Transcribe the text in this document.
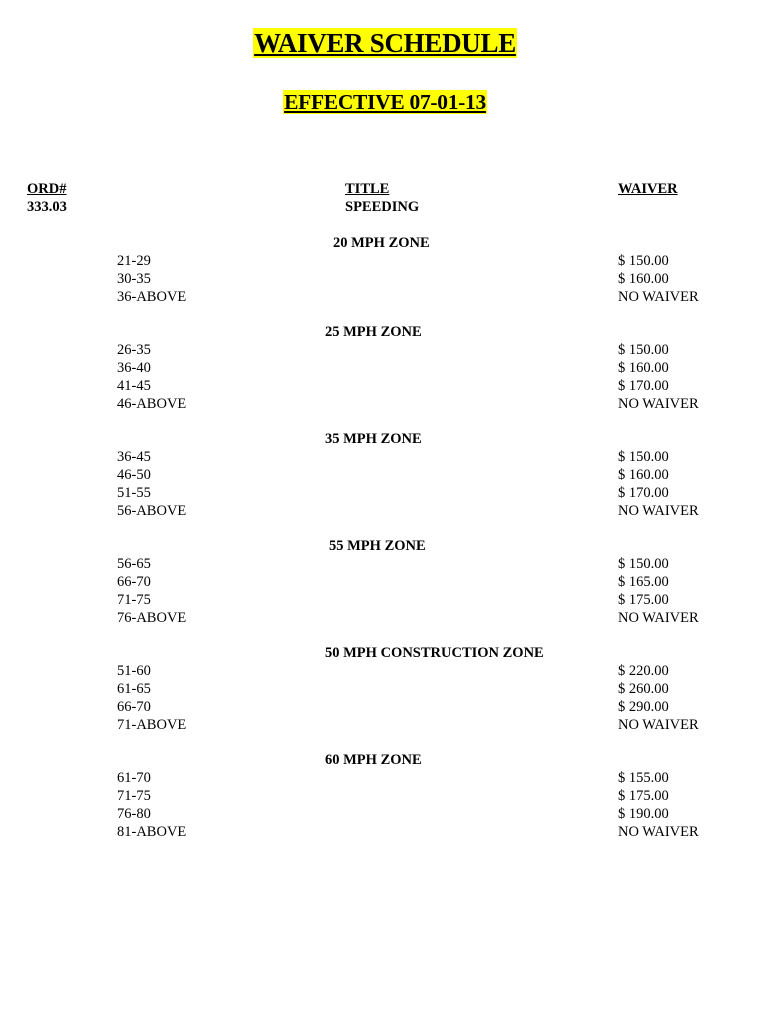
WAIVER SCHEDULE
EFFECTIVE 07-01-13
ORD#	TITLE	WAIVER
333.03	SPEEDING
20 MPH ZONE
21-29	$ 150.00
30-35	$ 160.00
36-ABOVE	NO WAIVER
25 MPH ZONE
26-35	$ 150.00
36-40	$ 160.00
41-45	$ 170.00
46-ABOVE	NO WAIVER
35 MPH ZONE
36-45	$ 150.00
46-50	$ 160.00
51-55	$ 170.00
56-ABOVE	NO WAIVER
55 MPH ZONE
56-65	$ 150.00
66-70	$ 165.00
71-75	$ 175.00
76-ABOVE	NO WAIVER
50 MPH CONSTRUCTION ZONE
51-60	$ 220.00
61-65	$ 260.00
66-70	$ 290.00
71-ABOVE	NO WAIVER
60 MPH ZONE
61-70	$ 155.00
71-75	$ 175.00
76-80	$ 190.00
81-ABOVE	NO WAIVER
